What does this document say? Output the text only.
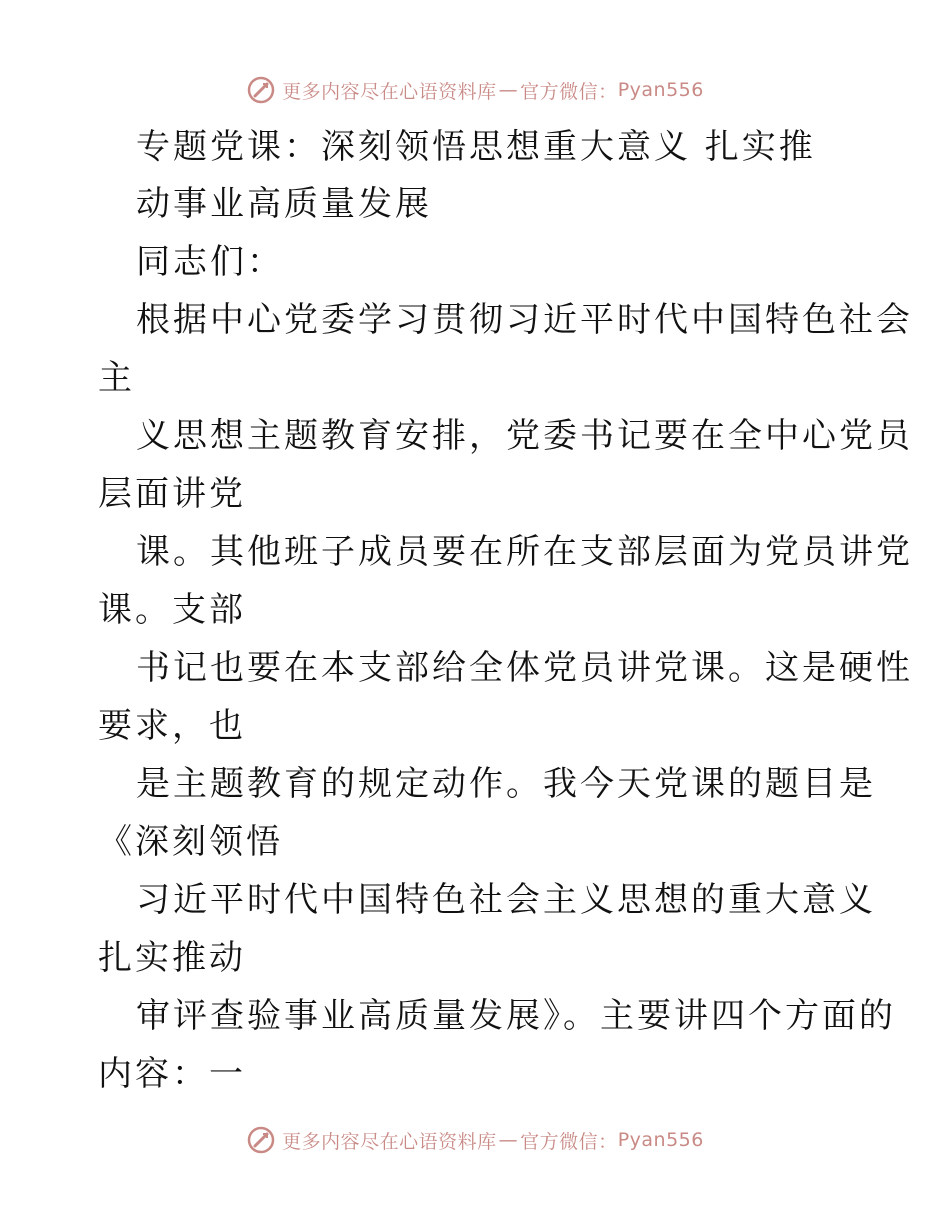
更多内容尽在心语资料库 — 官方微信： Pyan556
专题党课：深刻领悟思想重大意义 扎实推
动事业高质量发展
同志们：
根据中心党委学习贯彻习近平时代中国特色社会
主
义思想主题教育安排，党委书记要在全中心党员
层面讲党
课。其他班子成员要在所在支部层面为党员讲党
课。支部
书记也要在本支部给全体党员讲党课。这是硬性
要求，也
是主题教育的规定动作。我今天党课的题目是
《深刻领悟
习近平时代中国特色社会主义思想的重大意义
扎实推动
审评查验事业高质量发展》。主要讲四个方面的
内容：一
更多内容尽在心语资料库 — 官方微信： Pyan556
